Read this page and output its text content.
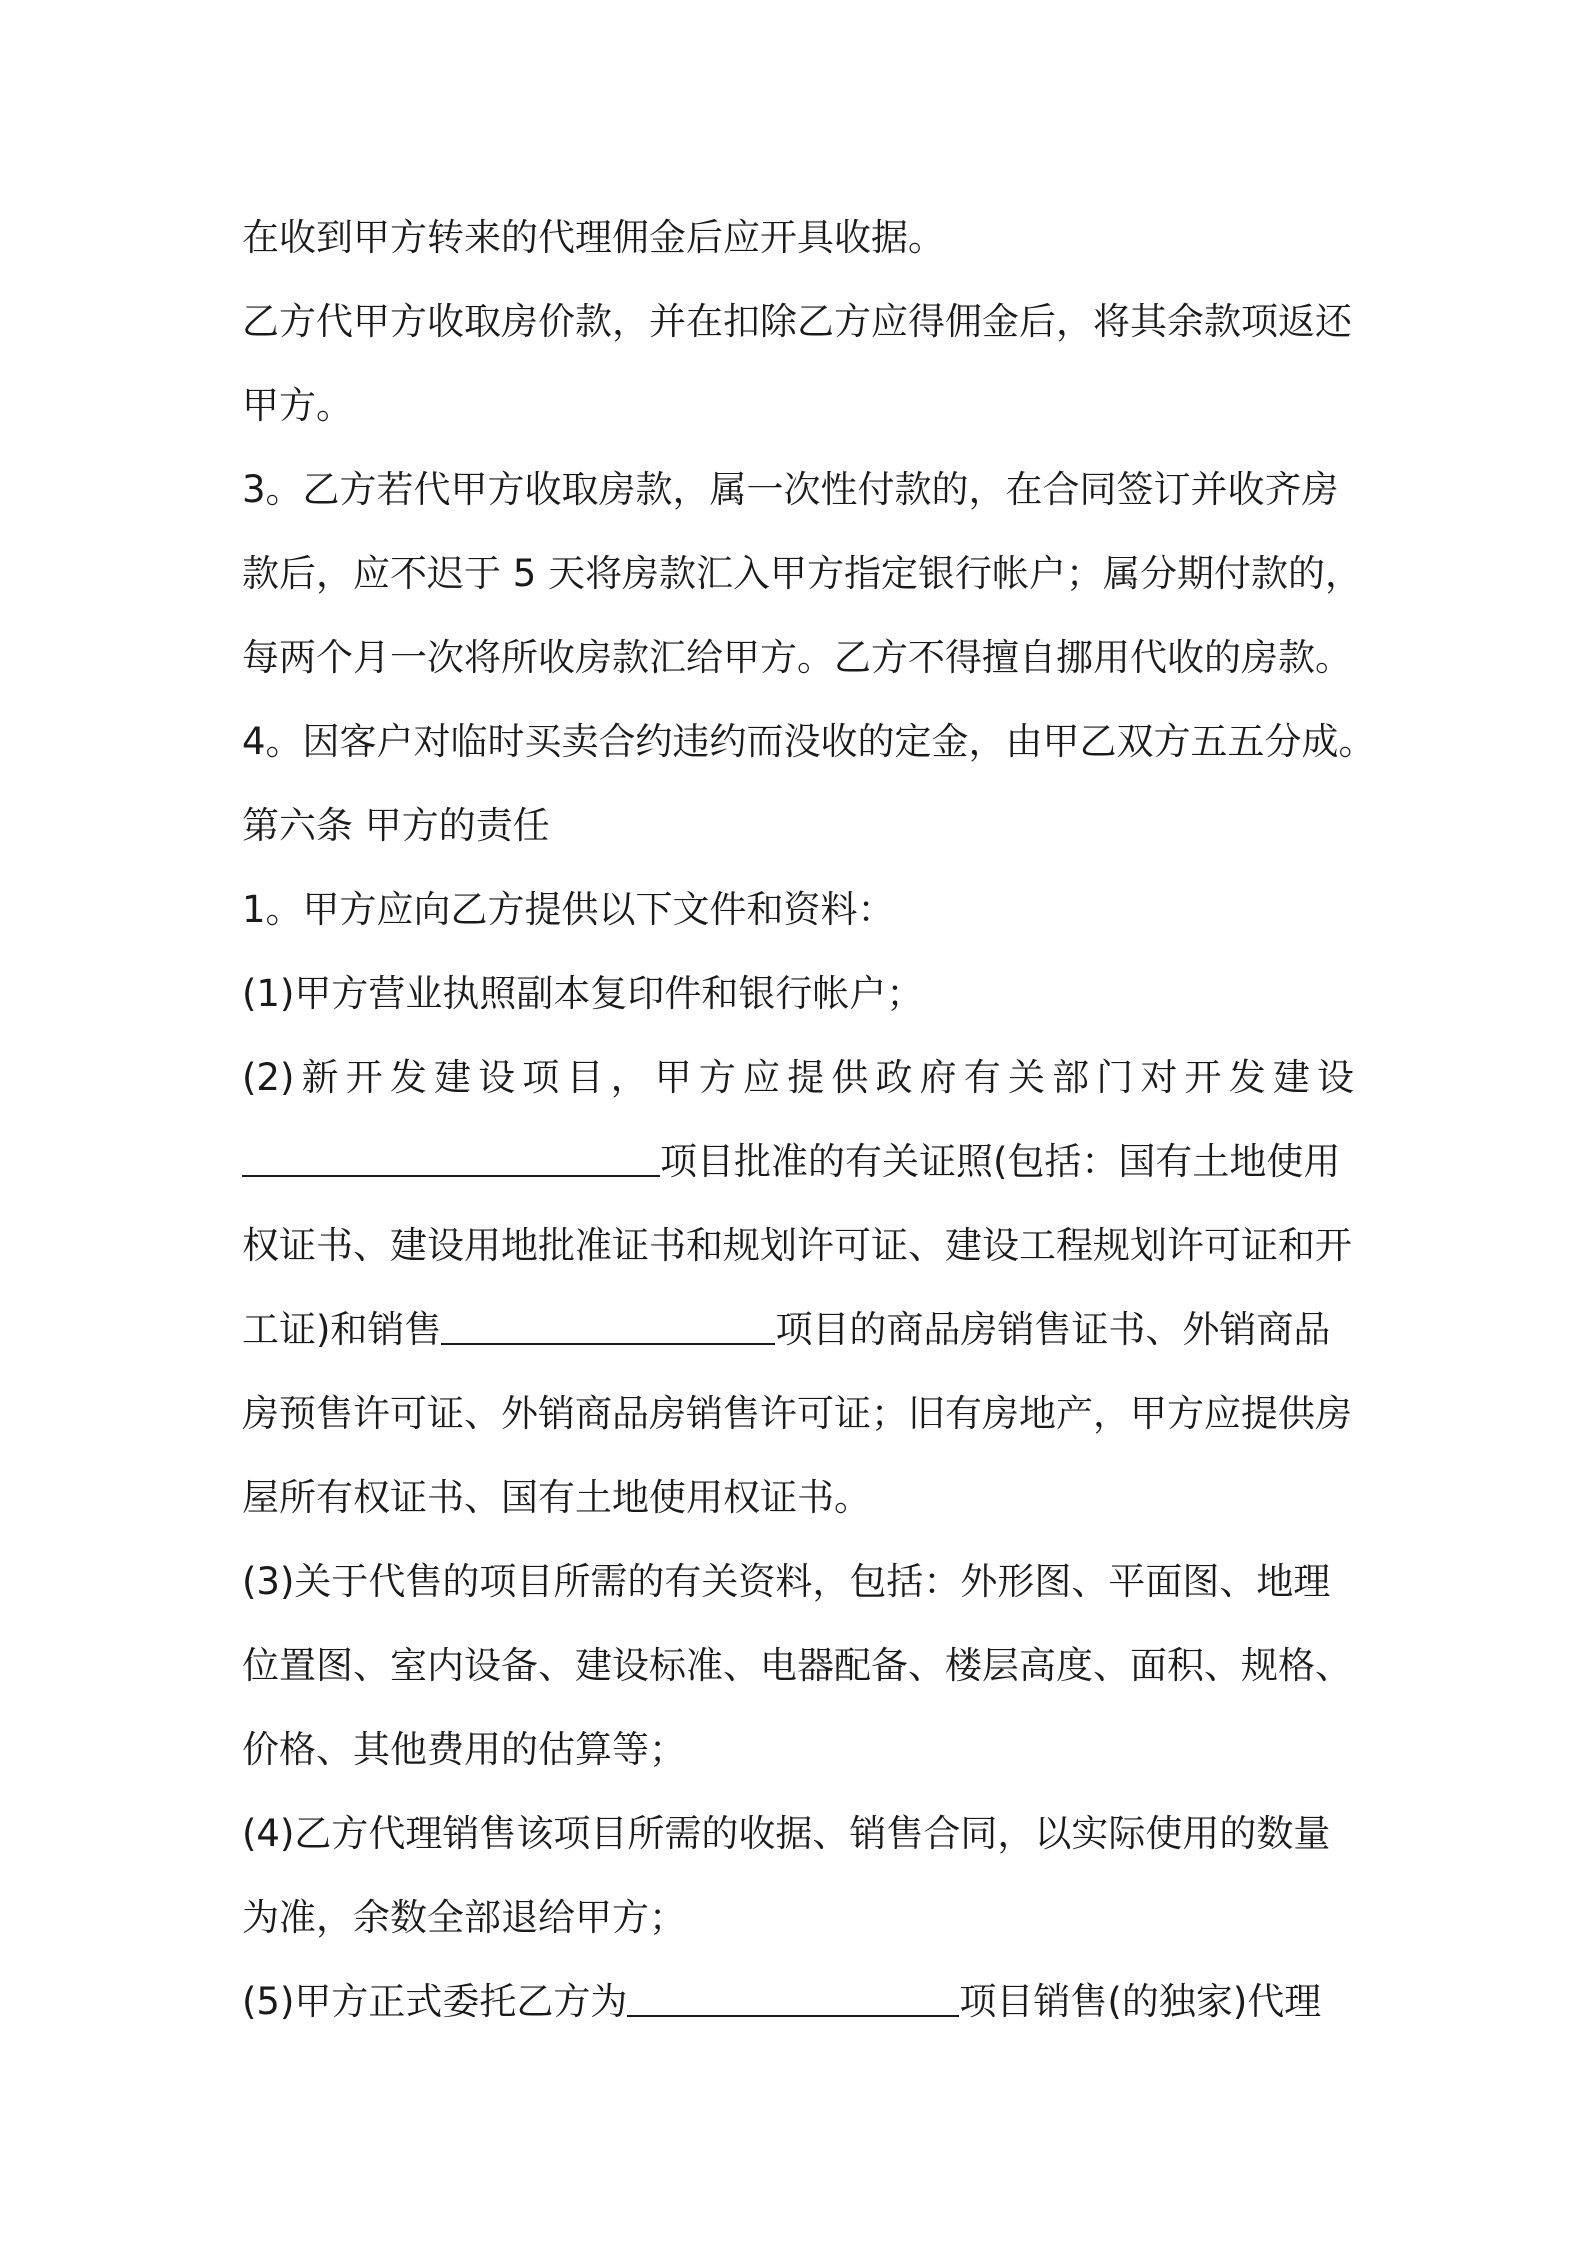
在收到甲方转来的代理佣金后应开具收据。
乙方代甲方收取房价款，并在扣除乙方应得佣金后，将其余款项返还
甲方。
3。乙方若代甲方收取房款，属一次性付款的，在合同签订并收齐房
款后，应不迟于 5 天将房款汇入甲方指定银行帐户；属分期付款的，
每两个月一次将所收房款汇给甲方。乙方不得擅自挪用代收的房款。
4。因客户对临时买卖合约违约而没收的定金，由甲乙双方五五分成。
第六条 甲方的责任
1。甲方应向乙方提供以下文件和资料：
(1)甲方营业执照副本复印件和银行帐户；
(2)新开发建设项目，甲方应提供政府有关部门对开发建设
项目批准的有关证照(包括：国有土地使用
权证书、建设用地批准证书和规划许可证、建设工程规划许可证和开
工证)和销售	项目的商品房销售证书、外销商品
房预售许可证、外销商品房销售许可证；旧有房地产，甲方应提供房
屋所有权证书、国有土地使用权证书。
(3)关于代售的项目所需的有关资料，包括：外形图、平面图、地理
位置图、室内设备、建设标准、电器配备、楼层高度、面积、规格、
价格、其他费用的估算等；
(4)乙方代理销售该项目所需的收据、销售合同，以实际使用的数量
为准，余数全部退给甲方；
(5)甲方正式委托乙方为	项目销售(的独家)代理
